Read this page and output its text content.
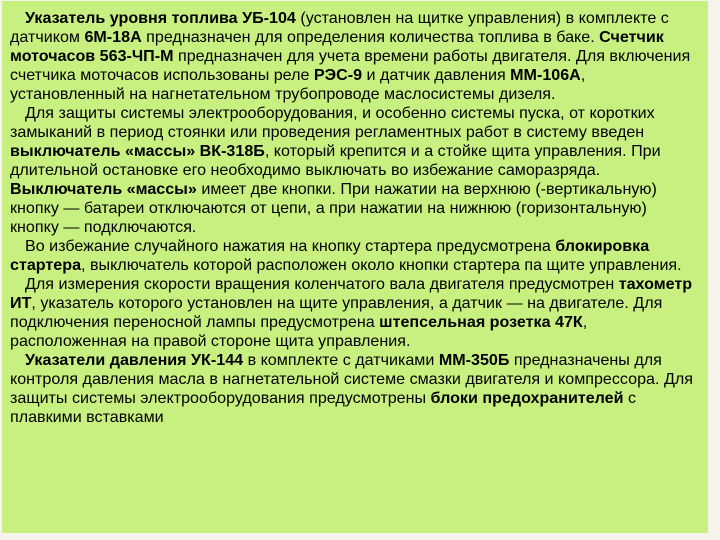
Указатель уровня топлива УБ-104 (установлен на щитке управления) в комплекте с датчиком 6М-18А предназначен для определения количества топлива в баке. Счетчик моточасов 563-ЧП-М предназначен для учета времени работы двигателя. Для включения счетчика моточасов использованы реле РЭС-9 и датчик давления ММ-106А, установленный на нагнетательном трубопроводе маслосистемы дизеля.

Для защиты системы электрооборудования, и особенно системы пуска, от коротких замыканий в период стоянки или проведения регламентных работ в систему введен выключатель «массы» ВК-318Б, который крепится и а стойке щита управления. При длительной остановке его необходимо выключать во избежание саморазряда. Выключатель «массы» имеет две кнопки. При нажатии на верхнюю (-вертикальную) кнопку — батареи отключаются от цепи, а при нажатии на нижнюю (горизонтальную) кнопку — подключаются.

Во избежание случайного нажатия на кнопку стартера предусмотрена блокировка стартера, выключатель которой расположен около кнопки стартера па щите управления.

Для измерения скорости вращения коленчатого вала двигателя предусмотрен тахометр ИТ, указатель которого установлен на щите управления, а датчик — на двигателе. Для подключения переносной лампы предусмотрена штепсельная розетка 47К, расположенная на правой стороне щита управления.

Указатели давления УК-144 в комплекте с датчиками ММ-350Б предназначены для контроля давления масла в нагнетательной системе смазки двигателя и компрессора. Для защиты системы электрооборудования предусмотрены блоки предохранителей с плавкими вставками
